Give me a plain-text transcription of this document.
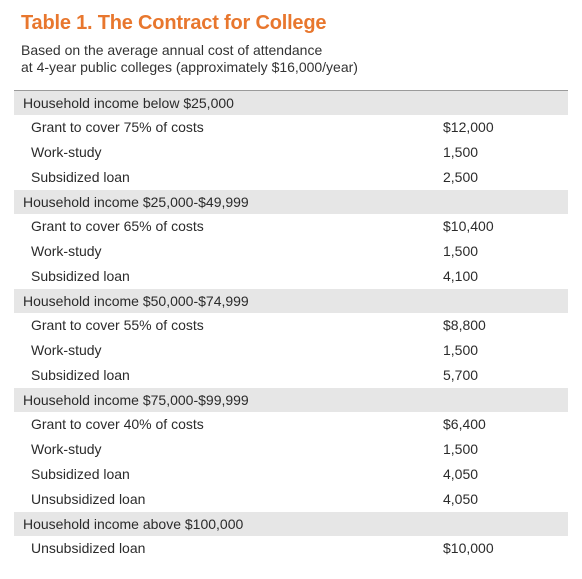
Table 1. The Contract for College
Based on the average annual cost of attendance
at 4-year public colleges (approximately $16,000/year)
Household income below $25,000
Grant to cover 75% of costs	$12,000
Work-study	1,500
Subsidized loan	2,500
Household income $25,000-$49,999
Grant to cover 65% of costs	$10,400
Work-study	1,500
Subsidized loan	4,100
Household income $50,000-$74,999
Grant to cover 55% of costs	$8,800
Work-study	1,500
Subsidized loan	5,700
Household income $75,000-$99,999
Grant to cover 40% of costs	$6,400
Work-study	1,500
Subsidized loan	4,050
Unsubsidized loan	4,050
Household income above $100,000
Unsubsidized loan	$10,000
